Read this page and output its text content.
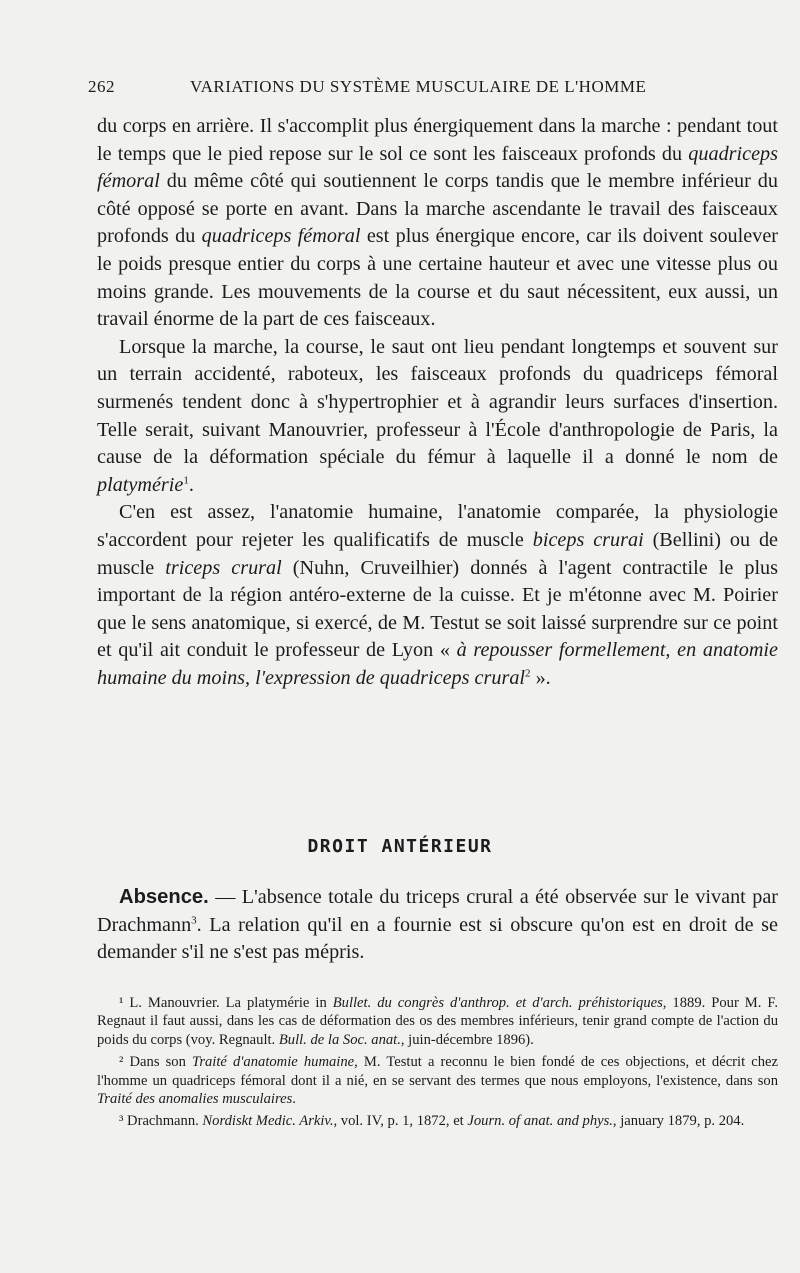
262	VARIATIONS DU SYSTÈME MUSCULAIRE DE L'HOMME

du corps en arrière. Il s'accomplit plus énergiquement dans la marche : pendant tout le temps que le pied repose sur le sol ce sont les faisceaux profonds du quadriceps fémoral du même côté qui soutiennent le corps tandis que le membre inférieur du côté opposé se porte en avant. Dans la marche ascendante le travail des faisceaux profonds du quadriceps fémoral est plus énergique encore, car ils doivent soulever le poids presque entier du corps à une certaine hauteur et avec une vitesse plus ou moins grande. Les mouvements de la course et du saut nécessitent, eux aussi, un travail énorme de la part de ces faisceaux.

Lorsque la marche, la course, le saut ont lieu pendant longtemps et souvent sur un terrain accidenté, raboteux, les faisceaux profonds du quadriceps fémoral surmenés tendent donc à s'hypertrophier et à agrandir leurs surfaces d'insertion. Telle serait, suivant Manouvrier, professeur à l'École d'anthropologie de Paris, la cause de la déformation spéciale du fémur à laquelle il a donné le nom de platymérie$^1$.

C'en est assez, l'anatomie humaine, l'anatomie comparée, la physiologie s'accordent pour rejeter les qualificatifs de muscle biceps crurai (Bellini) ou de muscle triceps crural (Nuhn, Cruveilhier) donnés à l'agent contractile le plus important de la région antéro-externe de la cuisse. Et je m'étonne avec M. Poirier que le sens anatomique, si exercé, de M. Testut se soit laissé surprendre sur ce point et qu'il ait conduit le professeur de Lyon « à repousser formellement, en anatomie humaine du moins, l'expression de quadriceps crural$^2$ ».

DROIT ANTÉRIEUR

Absence. — L'absence totale du triceps crural a été observée sur le vivant par Drachmann$^3$. La relation qu'il en a fournie est si obscure qu'on est en droit de se demander s'il ne s'est pas mépris.

¹ L. Manouvrier. La platymérie in Bullet. du congrès d'anthrop. et d'arch. préhistoriques, 1889. Pour M. F. Regnaut il faut aussi, dans les cas de déformation des os des membres inférieurs, tenir grand compte de l'action du poids du corps (voy. Regnault. Bull. de la Soc. anat., juin-décembre 1896).

² Dans son Traité d'anatomie humaine, M. Testut a reconnu le bien fondé de ces objections, et décrit chez l'homme un quadriceps fémoral dont il a nié, en se servant des termes que nous employons, l'existence, dans son Traité des anomalies musculaires.

³ Drachmann. Nordiskt Medic. Arkiv., vol. IV, p. 1, 1872, et Journ. of anat. and phys., january 1879, p. 204.
